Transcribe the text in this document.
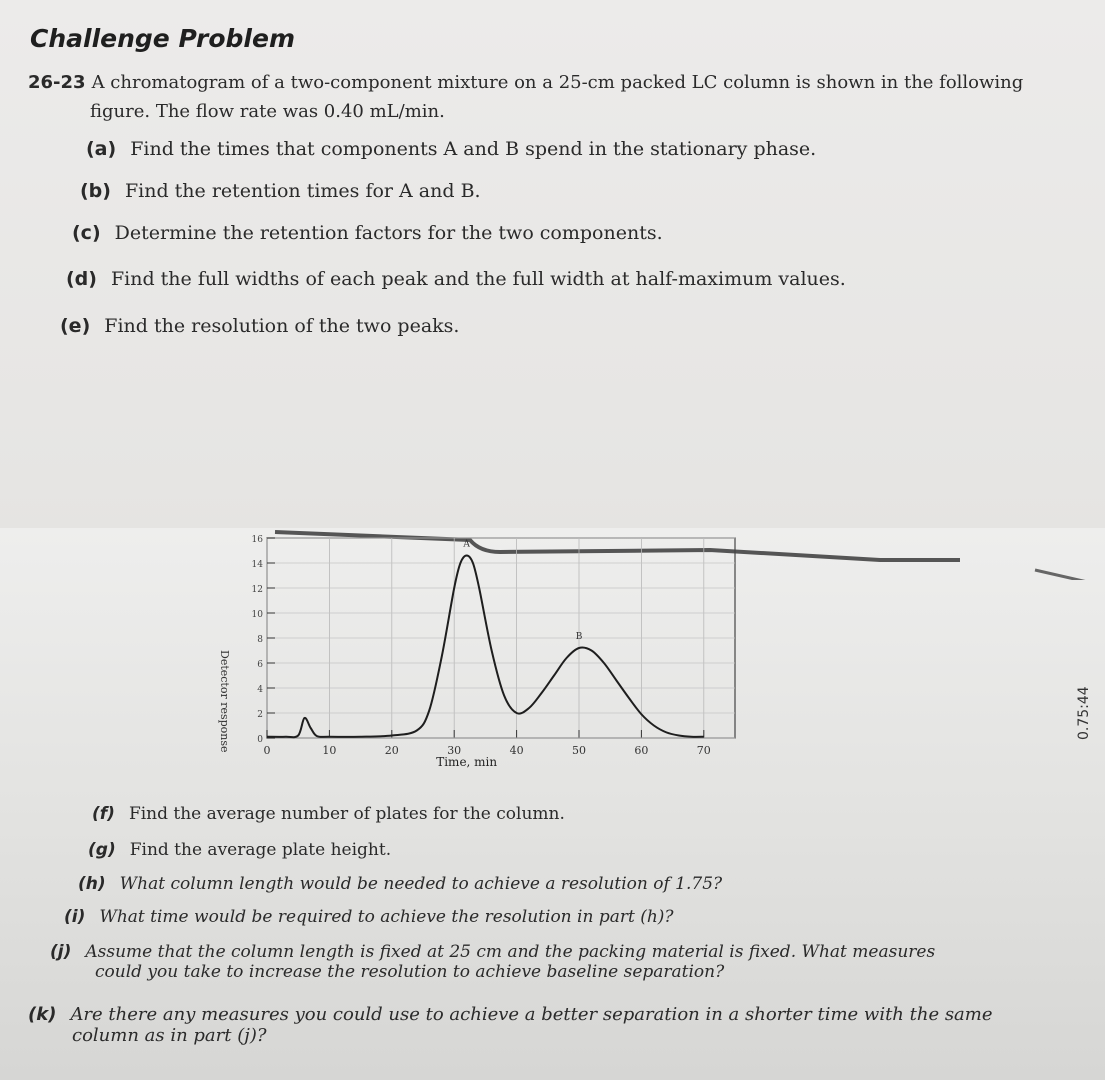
Challenge Problem
26-23 A chromatogram of a two-component mixture on a 25-cm packed LC column is shown in the following
figure. The flow rate was 0.40 mL/min.
(a) Find the times that components A and B spend in the stationary phase.
(b) Find the retention times for A and B.
(c) Determine the retention factors for the two components.
(d) Find the full widths of each peak and the full width at half-maximum values.
(e) Find the resolution of the two peaks.
0	10	20	30	40	50	60	70
0
2
4
6
8
10
12
14
16
Time, min
A
B
Detector response
(f) Find the average number of plates for the column.
(g) Find the average plate height.
(h) What column length would be needed to achieve a resolution of 1.75?
(i) What time would be required to achieve the resolution in part (h)?
(j) Assume that the column length is fixed at 25 cm and the packing material is fixed. What measures
could you take to increase the resolution to achieve baseline separation?
(k) Are there any measures you could use to achieve a better separation in a shorter time with the same
column as in part (j)?
0.75:44
